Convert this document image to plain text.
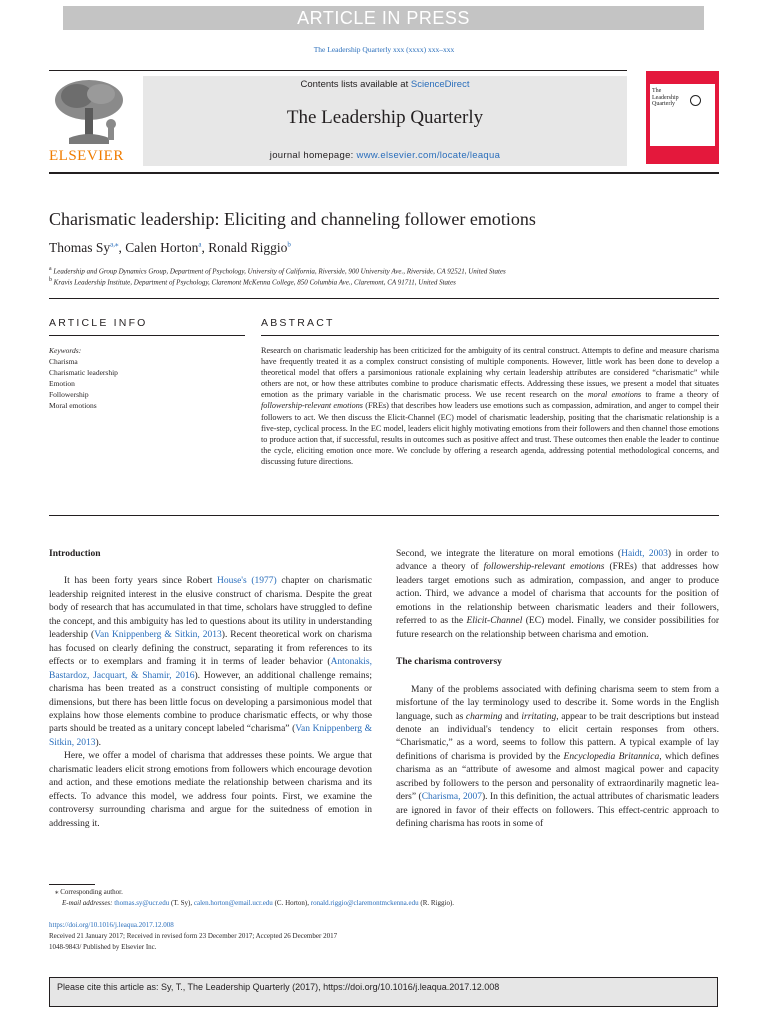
ARTICLE IN PRESS
The Leadership Quarterly xxx (xxxx) xxx–xxx
ELSEVIER
Contents lists available at ScienceDirect
The Leadership Quarterly
journal homepage: www.elsevier.com/locate/leaqua
The
Leadership
Quarterly
Charismatic leadership: Eliciting and channeling follower emotions
Thomas $Sy^{a,⁎}$, Calen Horton$^a$, Ronald Riggio$^b$
$^a$ Leadership and Group Dynamics Group, Department of Psychology, University of California, Riverside, 900 University Ave., Riverside, CA 92521, United States
$^b$ Kravis Leadership Institute, Department of Psychology, Claremont McKenna College, 850 Columbia Ave., Claremont, CA 91711, United States
ARTICLE INFO	ABSTRACT
Keywords:
Charisma
Charismatic leadership
Emotion
Followership
Moral emotions
Research on charismatic leadership has been criticized for the ambiguity of its central construct. Attempts to define and measure charisma have frequently treated it as a complex construct consisting of multiple components. However, little work has been done to develop a theoretical model that offers a parsimonious rationale explaining why certain leadership attributes are considered “charismatic” while others are not, or how these attributes combine to produce charismatic effects. Addressing these issues, we present a model that situates emotion as the primary variable in the charismatic process. We use recent research on the moral emotions to frame a theory of followership-relevant emotions (FREs) that describes how leaders use emotions such as compassion, admiration, and anger to compel their followers to act. We then discuss the Elicit-Channel (EC) model of charismatic leadership, positing that the charismatic relationship is a five-step, cyclical process. In the EC model, leaders elicit highly motivating emotions from their followers and then channel those emotions to produce action that, if successful, results in outcomes such as positive affect and trust. These outcomes then enable the leader to continue the cycle, eliciting emotion once more. We conclude by offering a research agenda, addressing potential methodological concerns, and discussing future directions.
Introduction

It has been forty years since Robert House's (1977) chapter on charismatic leadership reignited interest in the elusive construct of charisma. Despite the great body of research that has accumulated in that time, scholars have struggled to define the concept, and this ambiguity has led to questions about its utility in understanding leadership (Van Knippenberg & Sitkin, 2013). Recent theoretical work on charisma has focused on clearly defining the construct, separating it from references to its effects or to exemplars and framing it in terms of leader behavior (Antonakis, Bastardoz, Jacquart, & Shamir, 2016). However, an additional challenge remains; charisma has been treated as a construct consisting of multiple components or dimensions, but there has been little focus on developing a parsimonious model that explains how those elements combine to produce charismatic effects, or why those parts should be treated as a unitary concept labeled “charisma” (Van Knippenberg & Sitkin, 2013).

Here, we offer a model of charisma that addresses these points. We argue that charismatic leaders elicit strong emotions from followers which encourage devotion and action, and these emotions mediate the relationship between charisma and its effects. To advance this model, we address four points. First, we examine the controversy surrounding charisma and argue for the suitedness of emotion in addressing it.

Second, we integrate the literature on moral emotions (Haidt, 2003) in order to advance a theory of followership-relevant emotions (FREs) that addresses how leaders target emotions such as admiration, compassion, and anger to produce action. Third, we advance a model of charisma that accounts for the position of emotions in the relationship between charismatic leaders and their followers, referred to as the Elicit-Channel (EC) model. Finally, we consider possibilities for future research on the relationship between charisma and emotion.

The charisma controversy

Many of the problems associated with defining charisma seem to stem from a misfortune of the lay terminology used to describe it. Some words in the English language, such as charming and irritating, appear to be trait descriptions but instead denote an individual's tendency to elicit certain responses from others. “Charismatic,” as a word, seems to follow this pattern. A typical example of lay definitions of charisma is provided by the Encyclopedia Britannica, which defines charisma as an “attribute of awesome and almost magical power and capacity ascribed by followers to the person and personality of extraordinarily magnetic leaders” (Charisma, 2007). In this definition, the actual attributes of charismatic leaders are ignored in favor of their effects on followers. This effect-centric approach to defining charisma has roots in some of

⁎ Corresponding author.
E-mail addresses: thomas.sy@ucr.edu (T. Sy), calen.horton@email.ucr.edu (C. Horton), ronald.riggio@claremontmckenna.edu (R. Riggio).
https://doi.org/10.1016/j.leaqua.2017.12.008
Received 21 January 2017; Received in revised form 23 December 2017; Accepted 26 December 2017
1048-9843/ Published by Elsevier Inc.
Please cite this article as: Sy, T., The Leadership Quarterly (2017), https://doi.org/10.1016/j.leaqua.2017.12.008
